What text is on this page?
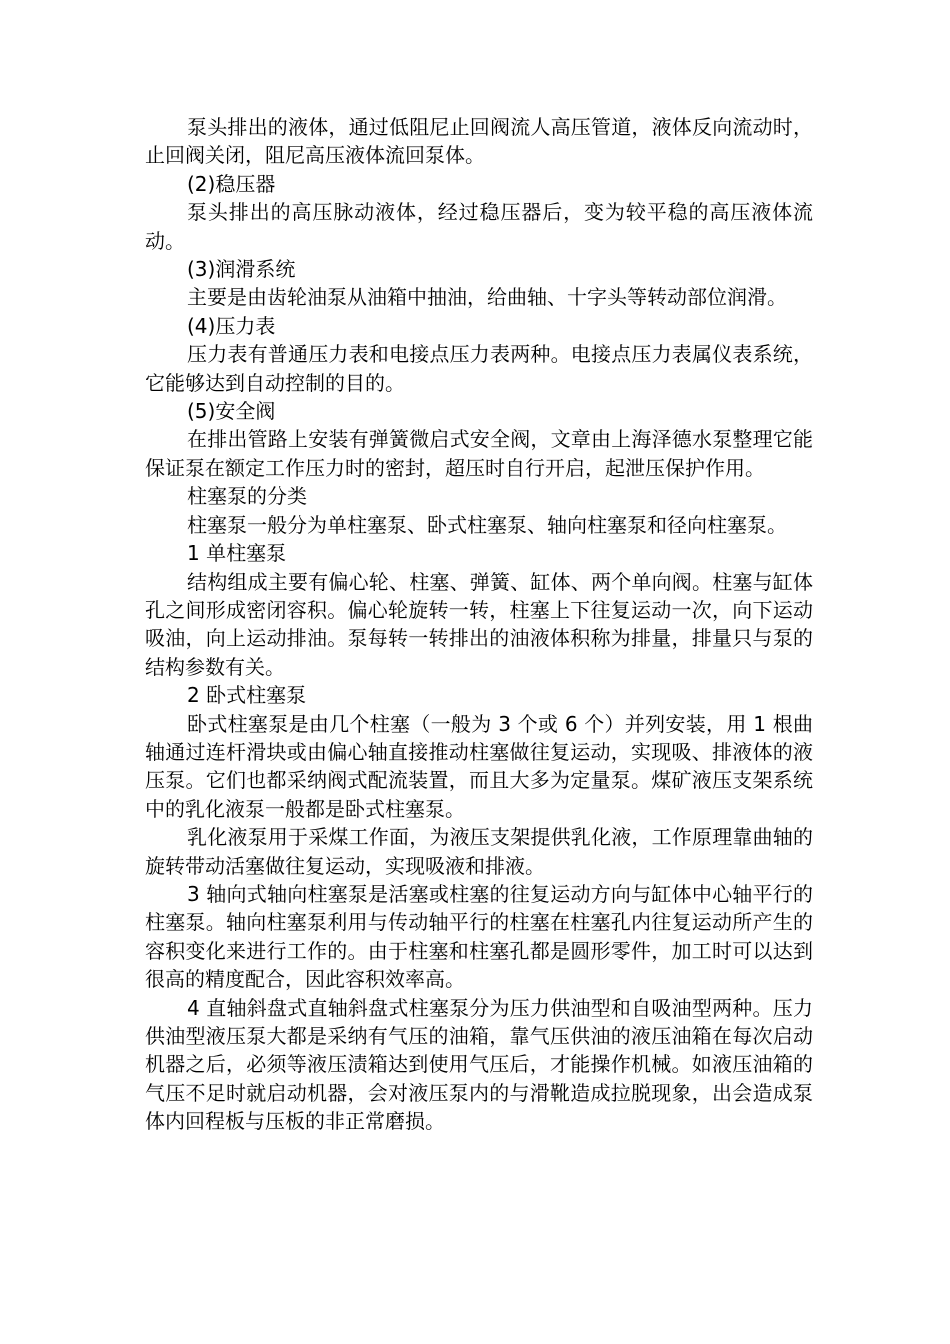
泵头排出的液体，通过低阻尼止回阀流人高压管道，液体反向流动时，止回阀关闭，阻尼高压液体流回泵体。

(2)稳压器

泵头排出的高压脉动液体，经过稳压器后，变为较平稳的高压液体流动。

(3)润滑系统

主要是由齿轮油泵从油箱中抽油，给曲轴、十字头等转动部位润滑。

(4)压力表

压力表有普通压力表和电接点压力表两种。电接点压力表属仪表系统，它能够达到自动控制的目的。

(5)安全阀

在排出管路上安装有弹簧微启式安全阀，文章由上海泽德水泵整理它能保证泵在额定工作压力时的密封，超压时自行开启，起泄压保护作用。

柱塞泵的分类

柱塞泵一般分为单柱塞泵、卧式柱塞泵、轴向柱塞泵和径向柱塞泵。

1 单柱塞泵

结构组成主要有偏心轮、柱塞、弹簧、缸体、两个单向阀。柱塞与缸体孔之间形成密闭容积。偏心轮旋转一转，柱塞上下往复运动一次，向下运动吸油，向上运动排油。泵每转一转排出的油液体积称为排量，排量只与泵的结构参数有关。

2 卧式柱塞泵

卧式柱塞泵是由几个柱塞（一般为 3 个或 6 个）并列安装，用 1 根曲轴通过连杆滑块或由偏心轴直接推动柱塞做往复运动，实现吸、排液体的液压泵。它们也都采纳阀式配流装置，而且大多为定量泵。煤矿液压支架系统中的乳化液泵一般都是卧式柱塞泵。

乳化液泵用于采煤工作面，为液压支架提供乳化液，工作原理靠曲轴的旋转带动活塞做往复运动，实现吸液和排液。

3 轴向式轴向柱塞泵是活塞或柱塞的往复运动方向与缸体中心轴平行的柱塞泵。轴向柱塞泵利用与传动轴平行的柱塞在柱塞孔内往复运动所产生的容积变化来进行工作的。由于柱塞和柱塞孔都是圆形零件，加工时可以达到很高的精度配合，因此容积效率高。

4 直轴斜盘式直轴斜盘式柱塞泵分为压力供油型和自吸油型两种。压力供油型液压泵大都是采纳有气压的油箱，靠气压供油的液压油箱在每次启动机器之后，必须等液压渍箱达到使用气压后，才能操作机械。如液压油箱的气压不足时就启动机器，会对液压泵内的与滑靴造成拉脱现象，出会造成泵体内回程板与压板的非正常磨损。
